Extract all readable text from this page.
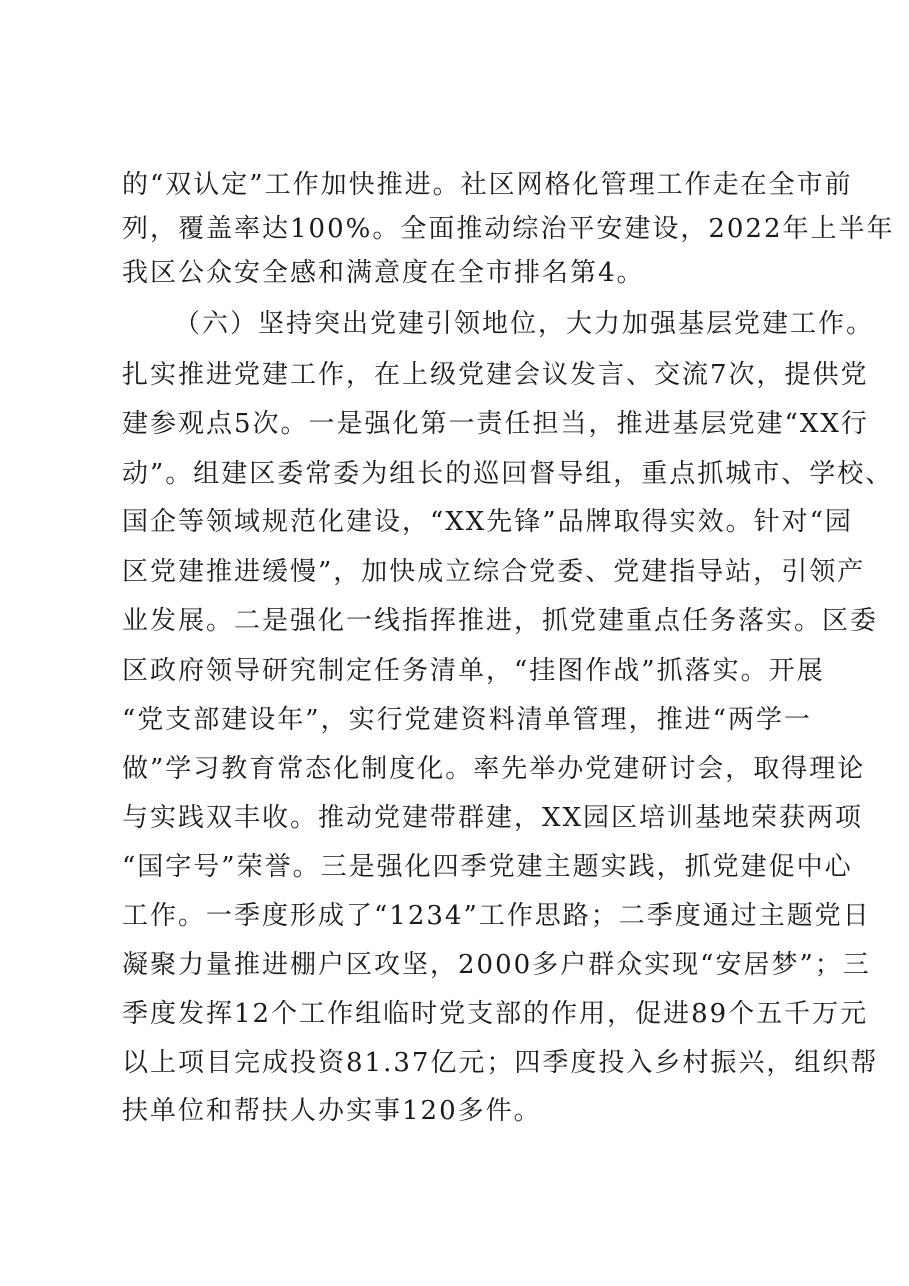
的“双认定”工作加快推进。社区网格化管理工作走在全市前
列，覆盖率达100%。全面推动综治平安建设，2022年上半年
我区公众安全感和满意度在全市排名第4。
（六）坚持突出党建引领地位，大力加强基层党建工作。
扎实推进党建工作，在上级党建会议发言、交流7次，提供党
建参观点5次。一是强化第一责任担当，推进基层党建“XX行
动”。组建区委常委为组长的巡回督导组，重点抓城市、学校、
国企等领域规范化建设，“XX先锋”品牌取得实效。针对“园
区党建推进缓慢”，加快成立综合党委、党建指导站，引领产
业发展。二是强化一线指挥推进，抓党建重点任务落实。区委
区政府领导研究制定任务清单，“挂图作战”抓落实。开展
“党支部建设年”，实行党建资料清单管理，推进“两学一
做”学习教育常态化制度化。率先举办党建研讨会，取得理论
与实践双丰收。推动党建带群建，XX园区培训基地荣获两项
“国字号”荣誉。三是强化四季党建主题实践，抓党建促中心
工作。一季度形成了“1234”工作思路；二季度通过主题党日
凝聚力量推进棚户区攻坚，2000多户群众实现“安居梦”；三
季度发挥12个工作组临时党支部的作用，促进89个五千万元
以上项目完成投资81.37亿元；四季度投入乡村振兴，组织帮
扶单位和帮扶人办实事120多件。
